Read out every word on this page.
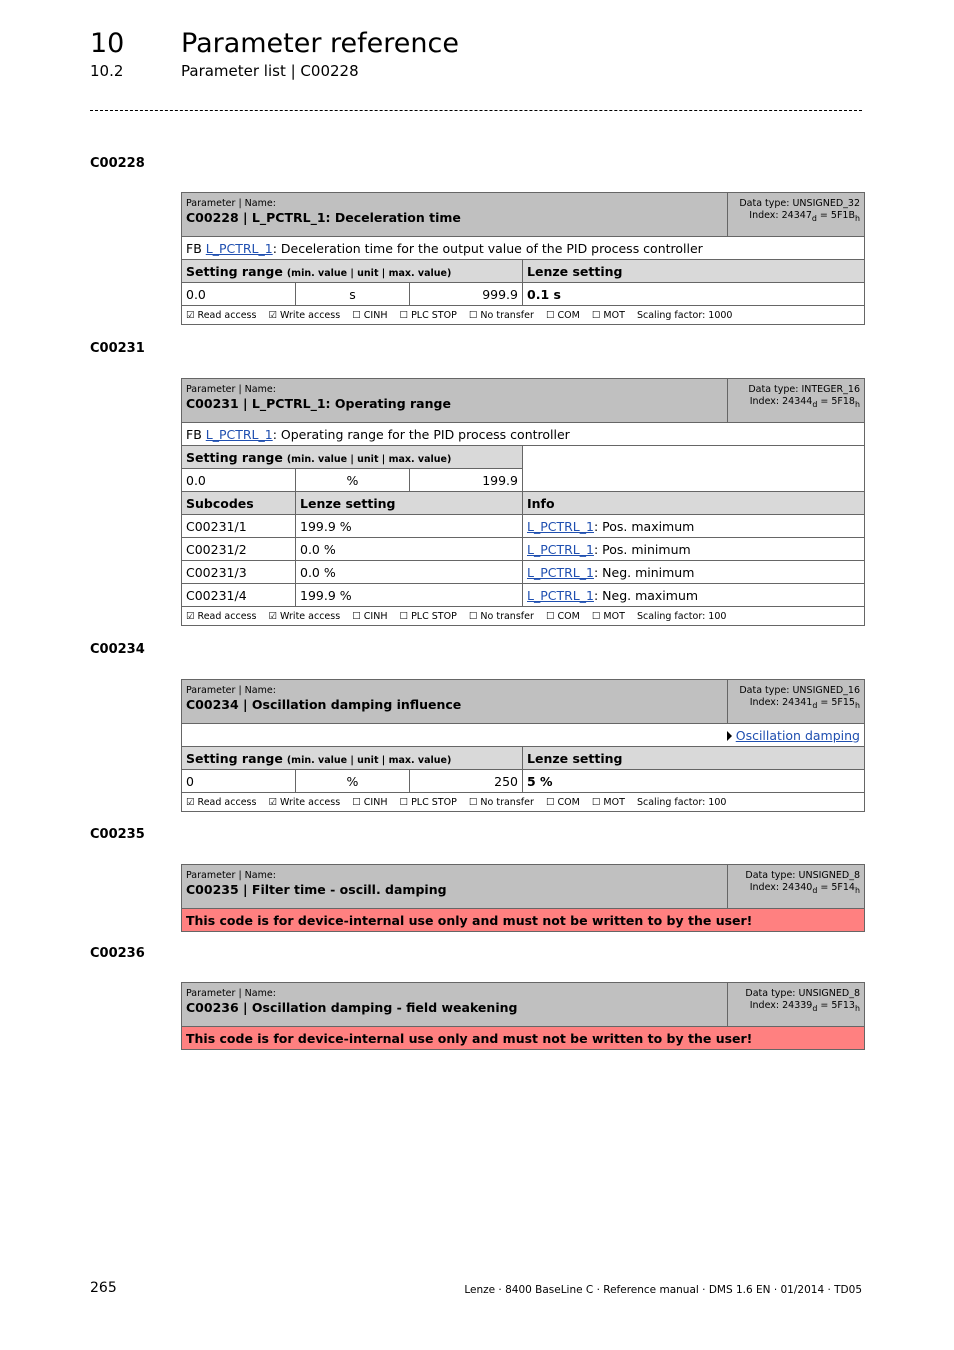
10 Parameter reference
10.2	Parameter list | C00228
C00228
Parameter | Name:
C00228 | L_PCTRL_1: Deceleration time				Data type: UNSIGNED_32
Index: $24347_d = 5F1B_h$
FB L_PCTRL_1: Deceleration time for the output value of the PID process controller				
Setting range (min. value | unit | max. value)			Lenze setting	
0.0	s	999.9	0.1 s	
☑ Read access    ☑ Write access    ☐ CINH    ☐ PLC STOP    ☐ No transfer    ☐ COM    ☐ MOT Scaling factor: 1000				
C00231
Parameter | Name:
C00231 | L_PCTRL_1: Operating range				Data type: INTEGER_16
Index: $24344_d = 5F18_h$
FB L_PCTRL_1: Operating range for the PID process controller				
Setting range (min. value | unit | max. value)				
0.0	%	199.9		
Subcodes	Lenze setting		Info	
C00231/1	199.9 %		L_PCTRL_1: Pos. maximum	
C00231/2	0.0 %		L_PCTRL_1: Pos. minimum	
C00231/3	0.0 %		L_PCTRL_1: Neg. minimum	
C00231/4	199.9 %		L_PCTRL_1: Neg. maximum	
☑ Read access    ☑ Write access    ☐ CINH    ☐ PLC STOP    ☐ No transfer    ☐ COM    ☐ MOT Scaling factor: 100				
C00234
Parameter | Name:
C00234 | Oscillation damping influence				Data type: UNSIGNED_16
Index: $24341_d = 5F15_h$
Oscillation damping				
Setting range (min. value | unit | max. value)			Lenze setting	
0	%	250	5 %	
☑ Read access    ☑ Write access    ☐ CINH    ☐ PLC STOP    ☐ No transfer    ☐ COM    ☐ MOT Scaling factor: 100				
C00235
Parameter | Name:
C00235 | Filter time - oscill. damping
	Data type: UNSIGNED_8
Index: $24340_d = 5F14_h$
This code is for device-internal use only and must not be written to by the user!
C00236
Parameter | Name:
C00236 | Oscillation damping - field weakening
	Data type: UNSIGNED_8
Index: $24339_d = 5F13_h$
This code is for device-internal use only and must not be written to by the user!
265	Lenze · 8400 BaseLine C · Reference manual · DMS 1.6 EN · 01/2014 · TD05
